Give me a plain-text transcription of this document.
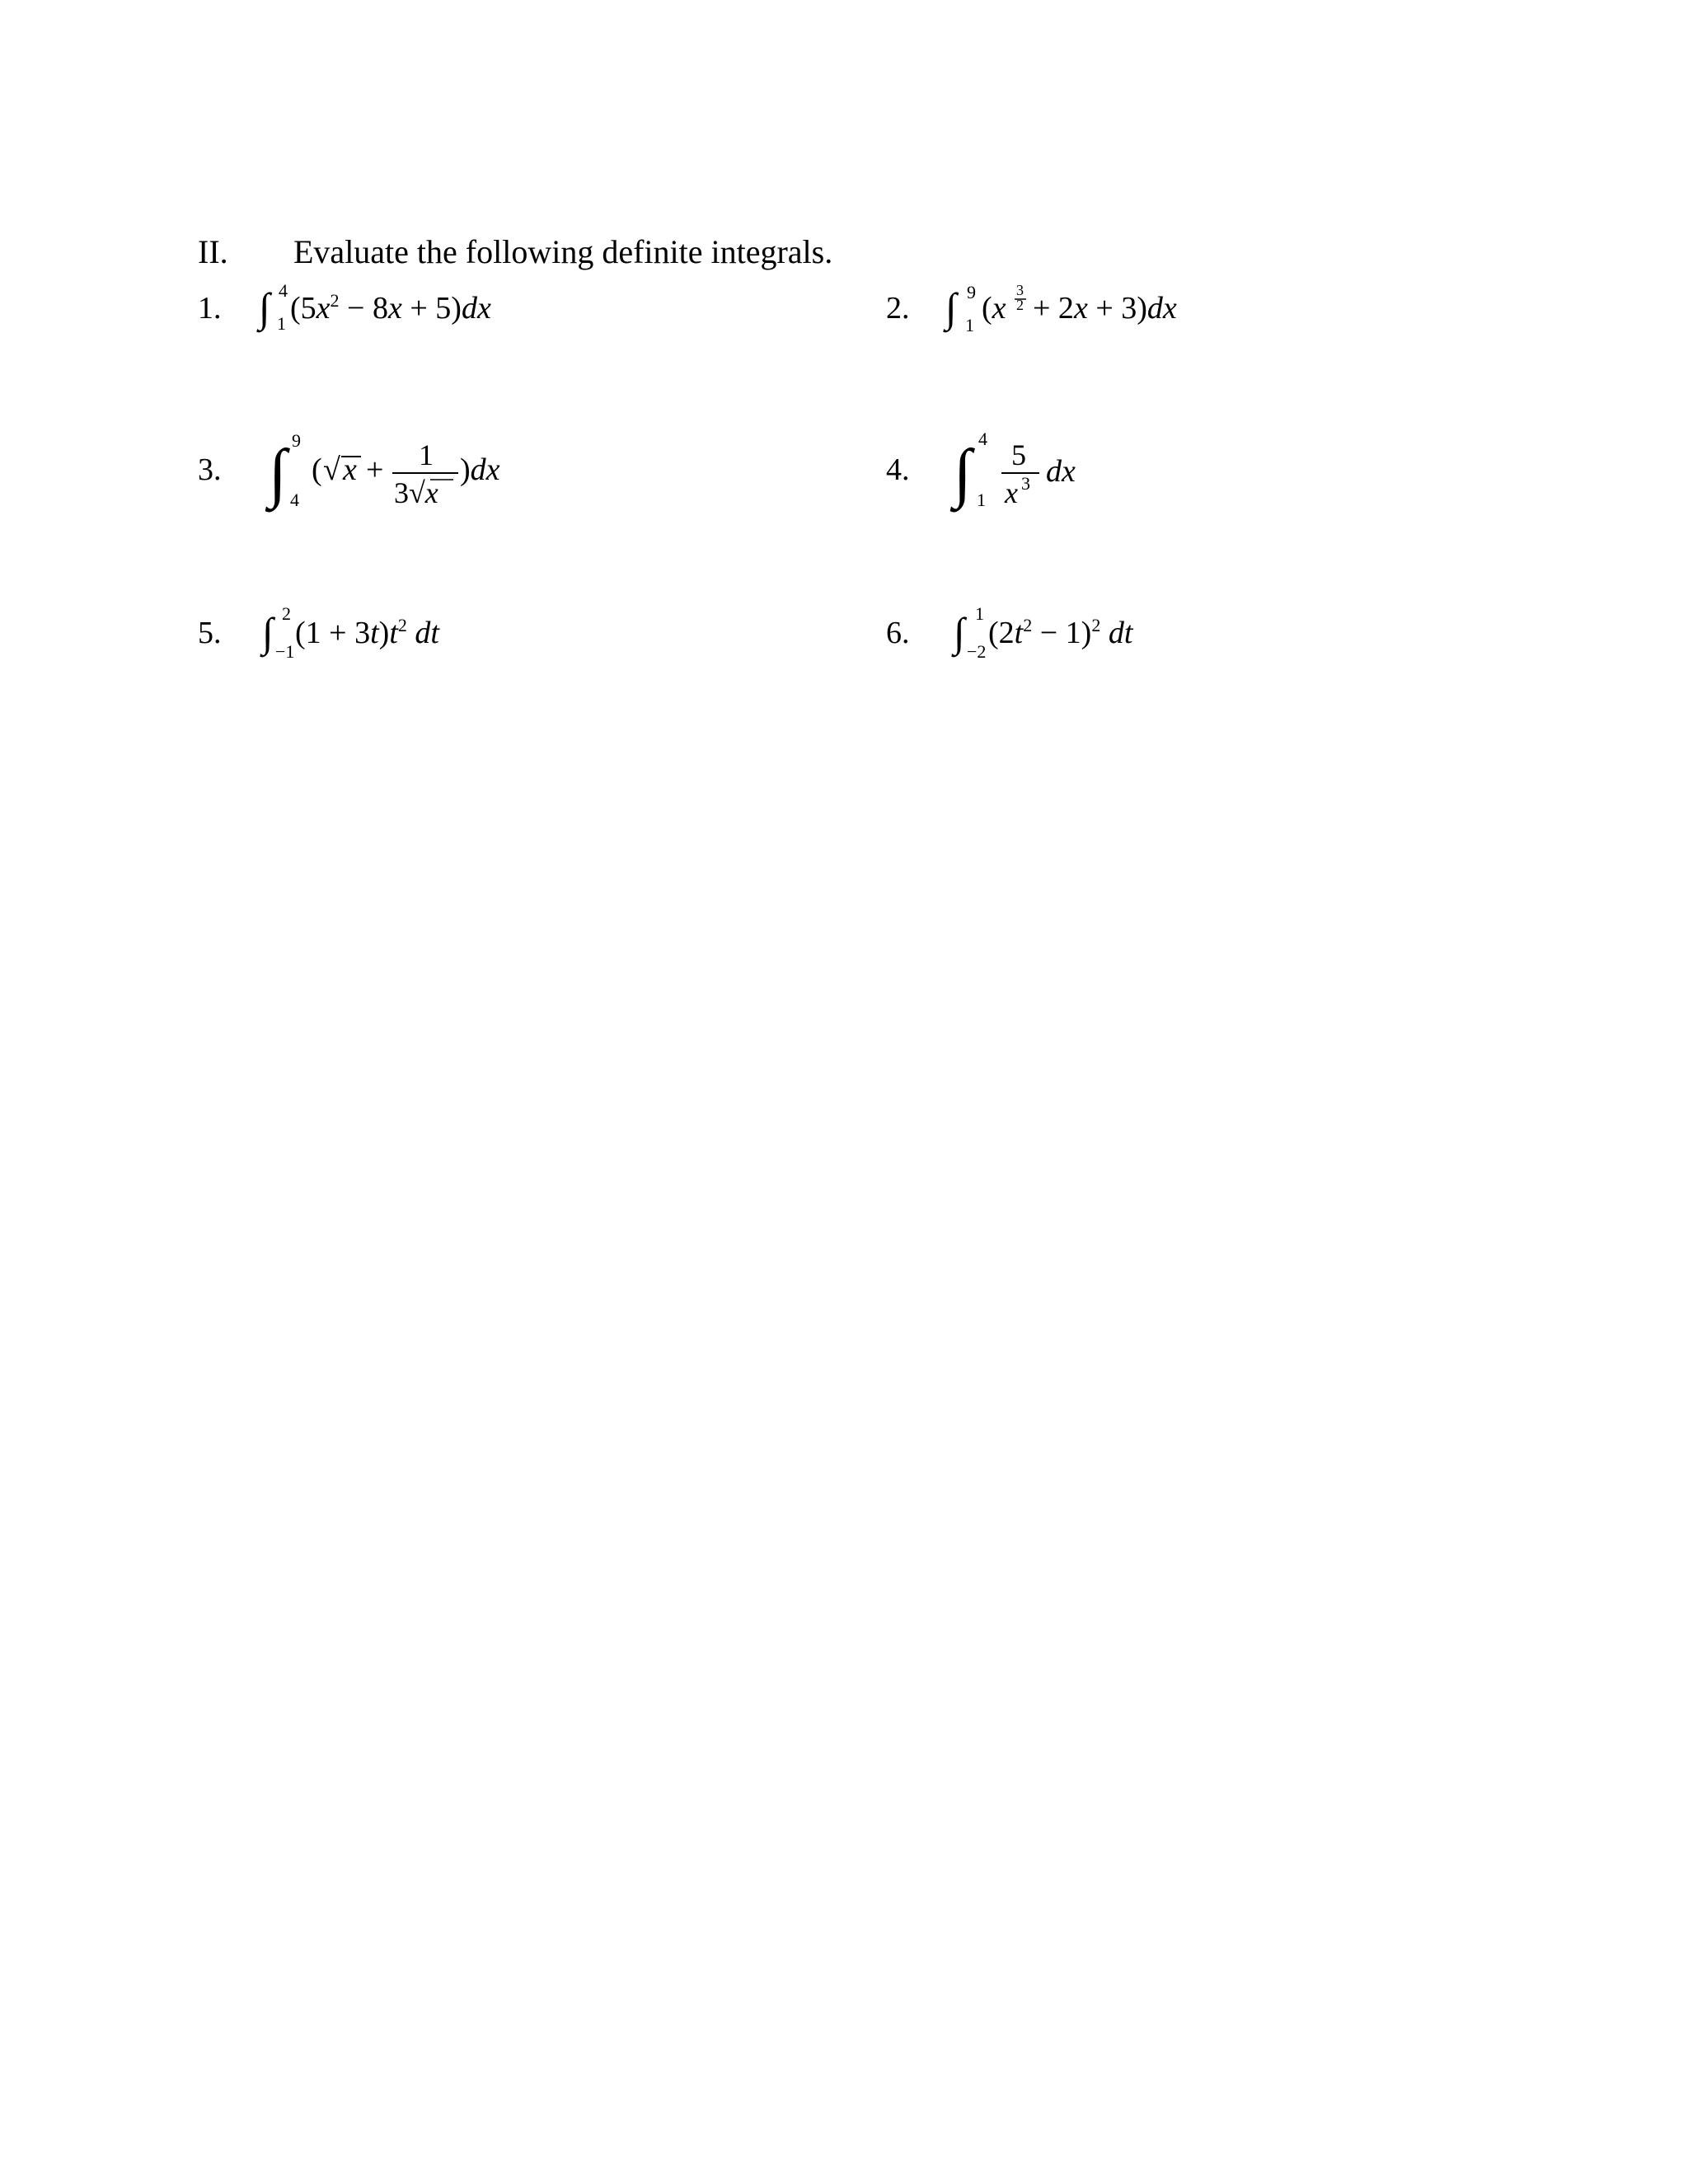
II. Evaluate the following definite integrals.
1. ∫ 4
1 $(5x^2 - 8x + 5)dx$	2. ∫ 9
1 (x
3
2 + 2x + 3)dx
3. ∫ 9
4
( √ x + 1
3√x
)dx	4. ∫ 4
1
5
x 3 dx
5. ∫ 2
−1
$(1 + 3t)t^2$ dt	6. ∫ 1
−2
$(2t^2 - 1)^2$ dt
